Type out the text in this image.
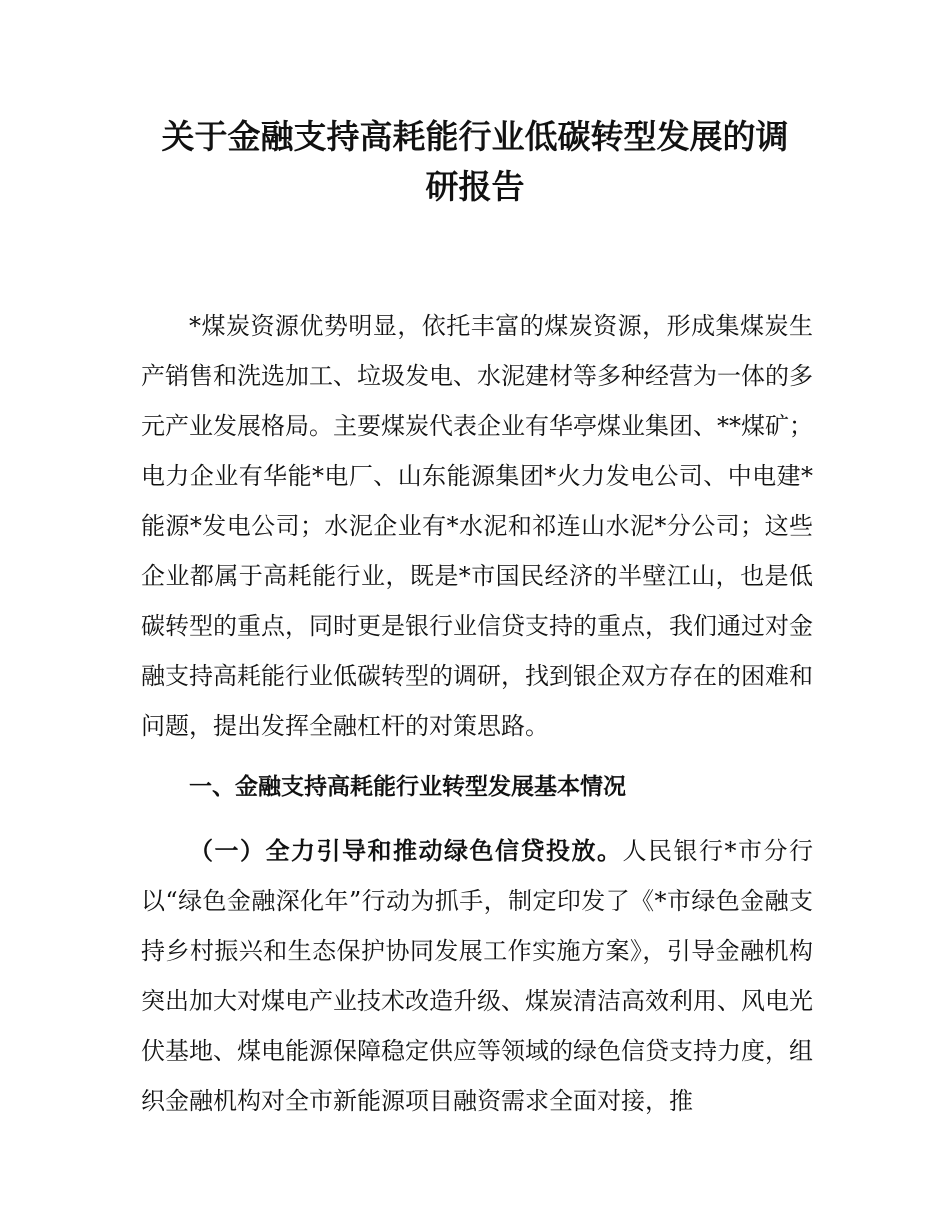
关于金融支持高耗能行业低碳转型发展的调
研报告

*煤炭资源优势明显，依托丰富的煤炭资源，形成集煤炭生产销售和洗选加工、垃圾发电、水泥建材等多种经营为一体的多元产业发展格局。主要煤炭代表企业有华亭煤业集团、**煤矿；电力企业有华能*电厂、山东能源集团*火力发电公司、中电建*能源*发电公司；水泥企业有*水泥和祁连山水泥*分公司；这些企业都属于高耗能行业，既是*市国民经济的半壁江山，也是低碳转型的重点，同时更是银行业信贷支持的重点，我们通过对金融支持高耗能行业低碳转型的调研，找到银企双方存在的困难和问题，提出发挥全融杠杆的对策思路。

一、金融支持高耗能行业转型发展基本情况

（一）全力引导和推动绿色信贷投放。人民银行*市分行以“绿色金融深化年”行动为抓手，制定印发了《*市绿色金融支持乡村振兴和生态保护协同发展工作实施方案》，引导金融机构突出加大对煤电产业技术改造升级、煤炭清洁高效利用、风电光伏基地、煤电能源保障稳定供应等领域的绿色信贷支持力度，组织金融机构对全市新能源项目融资需求全面对接，推
